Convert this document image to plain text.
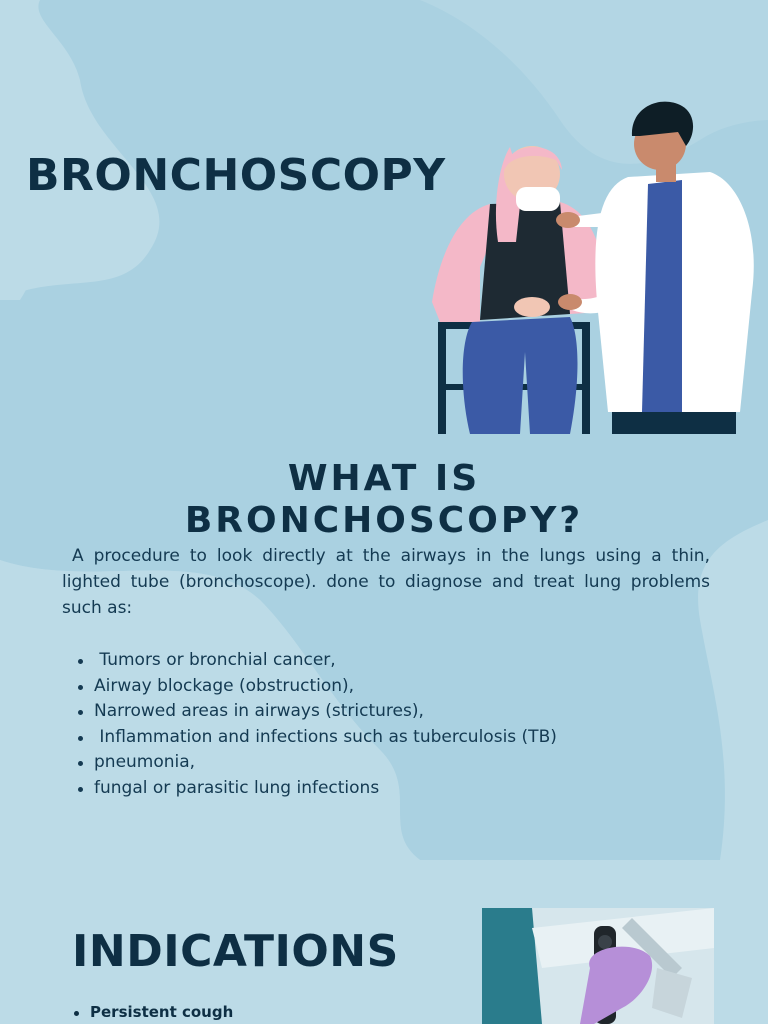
BRONCHOSCOPY
WHAT IS
BRONCHOSCOPY?

A procedure to look directly at the airways in the lungs using a thin, lighted tube (bronchoscope). done to diagnose and treat lung problems such as:

Tumors or bronchial cancer,
Airway blockage (obstruction),
Narrowed areas in airways (strictures),
Inflammation and infections such as tuberculosis (TB)
pneumonia,
fungal or parasitic lung infections
INDICATIONS
Persistent cough
